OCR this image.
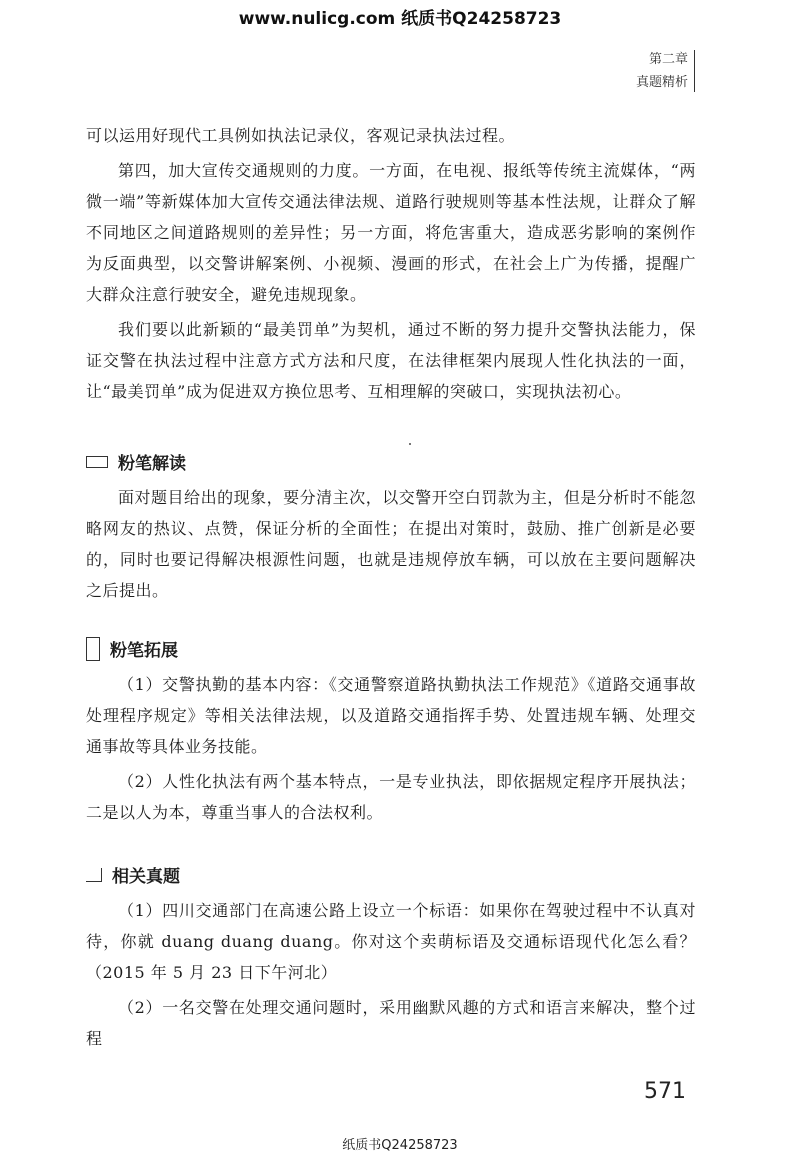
www.nulicg.com 纸质书Q24258723
第二章
真题精析

可以运用好现代工具例如执法记录仪，客观记录执法过程。

第四，加大宣传交通规则的力度。一方面，在电视、报纸等传统主流媒体，“两微一端”等新媒体加大宣传交通法律法规、道路行驶规则等基本性法规，让群众了解不同地区之间道路规则的差异性；另一方面，将危害重大，造成恶劣影响的案例作为反面典型，以交警讲解案例、小视频、漫画的形式，在社会上广为传播，提醒广大群众注意行驶安全，避免违规现象。

我们要以此新颖的“最美罚单”为契机，通过不断的努力提升交警执法能力，保证交警在执法过程中注意方式方法和尺度，在法律框架内展现人性化执法的一面，让“最美罚单”成为促进双方换位思考、互相理解的突破口，实现执法初心。

粉笔解读

面对题目给出的现象，要分清主次，以交警开空白罚款为主，但是分析时不能忽略网友的热议、点赞，保证分析的全面性；在提出对策时，鼓励、推广创新是必要的，同时也要记得解决根源性问题，也就是违规停放车辆，可以放在主要问题解决之后提出。

粉笔拓展

（1）交警执勤的基本内容：《交通警察道路执勤执法工作规范》《道路交通事故处理程序规定》等相关法律法规，以及道路交通指挥手势、处置违规车辆、处理交通事故等具体业务技能。

（2）人性化执法有两个基本特点，一是专业执法，即依据规定程序开展执法；二是以人为本，尊重当事人的合法权利。

相关真题

（1）四川交通部门在高速公路上设立一个标语：如果你在驾驶过程中不认真对待，你就 duang duang duang。你对这个卖萌标语及交通标语现代化怎么看？（2015 年 5 月 23 日下午河北）

（2）一名交警在处理交通问题时，采用幽默风趣的方式和语言来解决，整个过程

571
纸质书Q24258723
